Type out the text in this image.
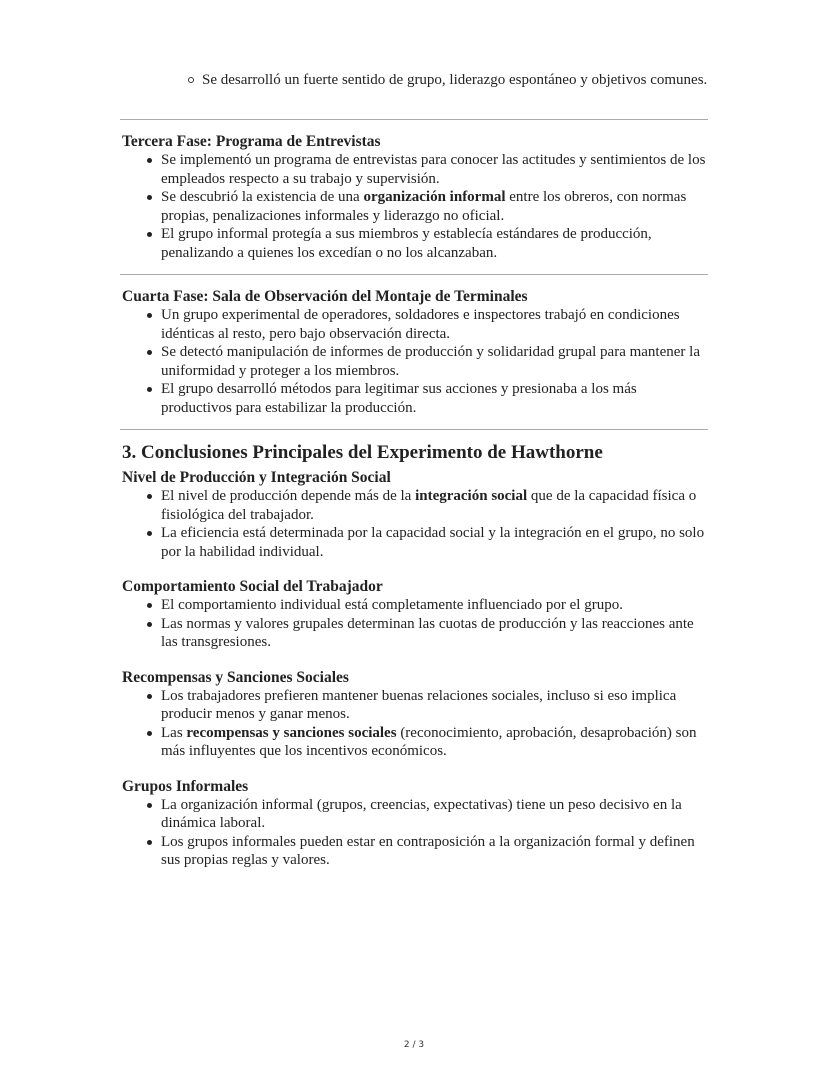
Se desarrolló un fuerte sentido de grupo, liderazgo espontáneo y objetivos comunes.
Tercera Fase: Programa de Entrevistas
Se implementó un programa de entrevistas para conocer las actitudes y sentimientos de los empleados respecto a su trabajo y supervisión.
Se descubrió la existencia de una organización informal entre los obreros, con normas propias, penalizaciones informales y liderazgo no oficial.
El grupo informal protegía a sus miembros y establecía estándares de producción, penalizando a quienes los excedían o no los alcanzaban.
Cuarta Fase: Sala de Observación del Montaje de Terminales
Un grupo experimental de operadores, soldadores e inspectores trabajó en condiciones idénticas al resto, pero bajo observación directa.
Se detectó manipulación de informes de producción y solidaridad grupal para mantener la uniformidad y proteger a los miembros.
El grupo desarrolló métodos para legitimar sus acciones y presionaba a los más productivos para estabilizar la producción.
3. Conclusiones Principales del Experimento de Hawthorne
Nivel de Producción y Integración Social
El nivel de producción depende más de la integración social que de la capacidad física o fisiológica del trabajador.
La eficiencia está determinada por la capacidad social y la integración en el grupo, no solo por la habilidad individual.
Comportamiento Social del Trabajador
El comportamiento individual está completamente influenciado por el grupo.
Las normas y valores grupales determinan las cuotas de producción y las reacciones ante las transgresiones.
Recompensas y Sanciones Sociales
Los trabajadores prefieren mantener buenas relaciones sociales, incluso si eso implica producir menos y ganar menos.
Las recompensas y sanciones sociales (reconocimiento, aprobación, desaprobación) son más influyentes que los incentivos económicos.
Grupos Informales
La organización informal (grupos, creencias, expectativas) tiene un peso decisivo en la dinámica laboral.
Los grupos informales pueden estar en contraposición a la organización formal y definen sus propias reglas y valores.
2 / 3
